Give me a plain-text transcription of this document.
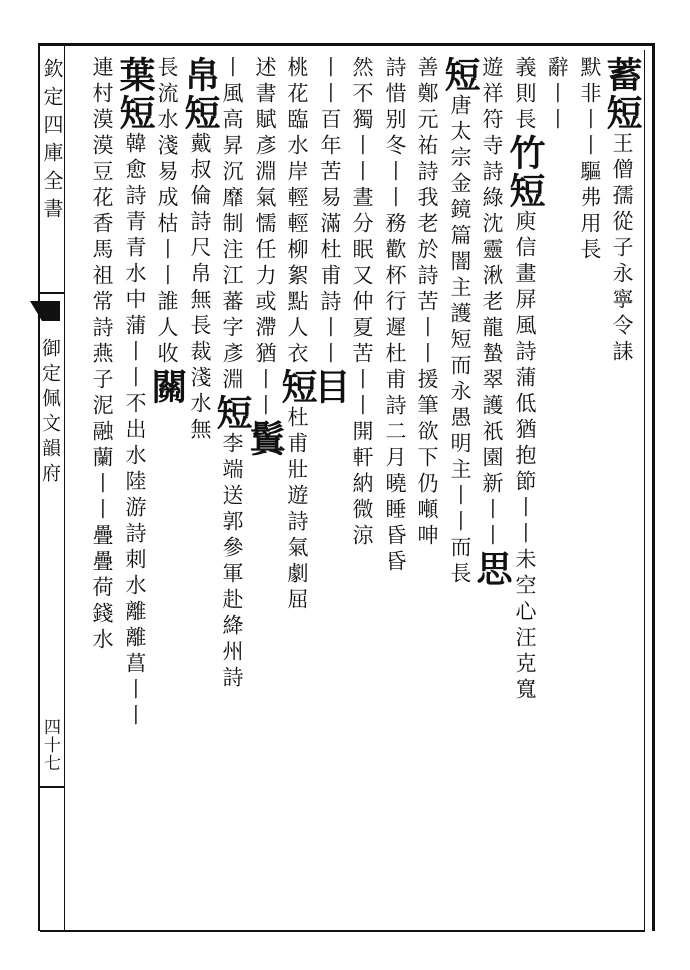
欽定四庫全書
御定佩文韻府
四十七
蓄短王僧孺從子永寧令誄
默非丨丨驅弗用長
辭丨丨
義則長竹短庾信畫屏風詩蒲低猶抱節丨丨未空心汪克寬
遊祥符寺詩綠沈靈湫老龍蟄翠護祇園新丨丨思
短唐太宗金鏡篇闇主護短而永愚明主丨丨而長
善鄭元祐詩我老於詩苦丨丨援筆欲下仍噸呻
詩惜别冬丨丨務歡杯行遲杜甫詩二月曉睡昏昏
然不獨丨丨晝分眠又仲夏苦丨丨開軒納微涼
丨丨百年苦易滿杜甫詩丨丨目
桃花臨水岸輕輕柳絮點人衣短杜甫壯遊詩氣劇屈
述書賦彥淵氣懦任力或滯猶丨丨鬒
丨風高昇沉靡制注江蕃字彥淵短李端送郭參軍赴絳州詩
帛短戴叔倫詩尺帛無長裁淺水無
長流水淺易成枯丨丨誰人收關
葉短韓愈詩青青水中蒲丨丨不出水陸游詩刺水離離菖丨丨
連村漠漠豆花香馬祖常詩燕子泥融蘭丨丨疊疊荷錢水
